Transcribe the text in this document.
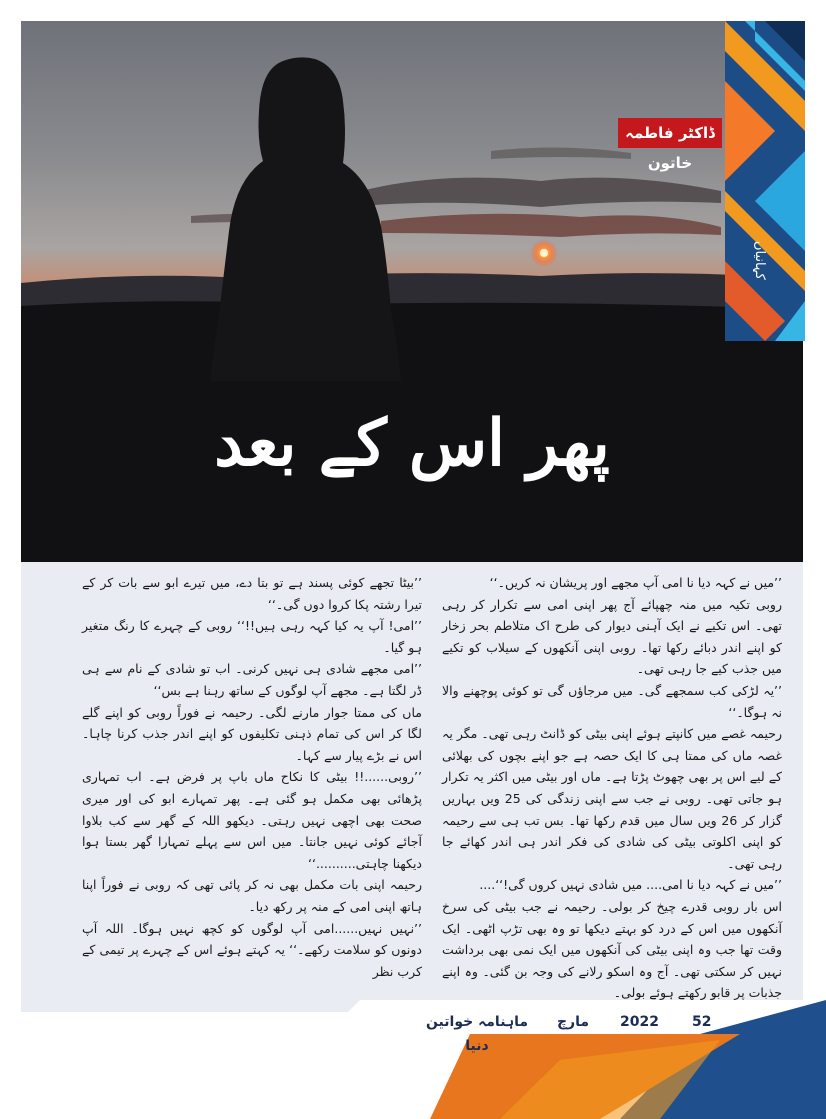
پھر اس کے بعد
ڈاکٹر فاطمہ خاتون
کہانیاں

’’میں نے کہہ دیا نا امی آپ مجھے اور پریشان نہ کریں۔‘‘

روبی تکیہ میں منہ چھپائے آج پھر اپنی امی سے تکرار کر رہی تھی۔ اس تکیے نے ایک آہنی دیوار کی طرح اک متلاطم بحر زخار کو اپنے اندر دبائے رکھا تھا۔ روبی اپنی آنکھوں کے سیلاب کو تکیے میں جذب کیے جا رہی تھی۔

’’یہ لڑکی کب سمجھے گی۔ میں مرجاؤں گی تو کوئی پوچھنے والا نہ ہوگا۔‘‘

رحیمہ غصے میں کانپتے ہوئے اپنی بیٹی کو ڈانٹ رہی تھی۔ مگر یہ غصہ ماں کی ممتا ہی کا ایک حصہ ہے جو اپنے بچوں کی بھلائی کے لیے اس پر بھی چھوٹ پڑتا ہے۔ ماں اور بیٹی میں اکثر یہ تکرار ہو جاتی تھی۔ روبی نے جب سے اپنی زندگی کی 25 ویں بہاریں گزار کر 26 ویں سال میں قدم رکھا تھا۔ بس تب ہی سے رحیمہ کو اپنی اکلوتی بیٹی کی شادی کی فکر اندر ہی اندر کھائے جا رہی تھی۔

’’میں نے کہہ دیا نا امی.... میں شادی نہیں کروں گی!‘‘....

اس بار روبی قدرے چیخ کر بولی۔ رحیمہ نے جب بیٹی کی سرخ آنکھوں میں اس کے درد کو بہتے دیکھا تو وہ بھی تڑپ اٹھی۔ ایک وقت تھا جب وہ اپنی بیٹی کی آنکھوں میں ایک نمی بھی برداشت نہیں کر سکتی تھی۔ آج وہ اسکو رلانے کی وجہ بن گئی۔ وہ اپنے جذبات پر قابو رکھتے ہوئے بولی۔

’’بیٹا تجھے کوئی پسند ہے تو بتا دے، میں تیرے ابو سے بات کر کے تیرا رشتہ پکا کروا دوں گی۔‘‘

’’امی! آپ یہ کیا کہہ رہی ہیں!!‘‘ روبی کے چہرے کا رنگ متغیر ہو گیا۔

’’امی مجھے شادی ہی نہیں کرنی۔ اب تو شادی کے نام سے ہی ڈر لگتا ہے۔ مجھے آپ لوگوں کے ساتھ رہنا ہے بس‘‘

ماں کی ممتا جوار مارنے لگی۔ رحیمہ نے فوراً روبی کو اپنے گلے لگا کر اس کی تمام ذہنی تکلیفوں کو اپنے اندر جذب کرنا چاہا۔ اس نے بڑے پیار سے کہا۔

’’روبی......!! بیٹی کا نکاح ماں باپ پر فرض ہے۔ اب تمہاری پڑھائی بھی مکمل ہو گئی ہے۔ پھر تمہارے ابو کی اور میری صحت بھی اچھی نہیں رہتی۔ دیکھو اللہ کے گھر سے کب بلاوا آجائے کوئی نہیں جانتا۔ میں اس سے پہلے تمہارا گھر بستا ہوا دیکھنا چاہتی..........‘‘

رحیمہ اپنی بات مکمل بھی نہ کر پائی تھی کہ روبی نے فوراً اپنا ہاتھ اپنی امی کے منہ پر رکھ دیا۔

’’نہیں نہیں......امی آپ لوگوں کو کچھ نہیں ہوگا۔ اللہ آپ دونوں کو سلامت رکھے۔‘‘ یہ کہتے ہوئے اس کے چہرے پر تیمی کے کرب نظر

52
2022
مارچ
ماہنامہ خواتین دنیا
